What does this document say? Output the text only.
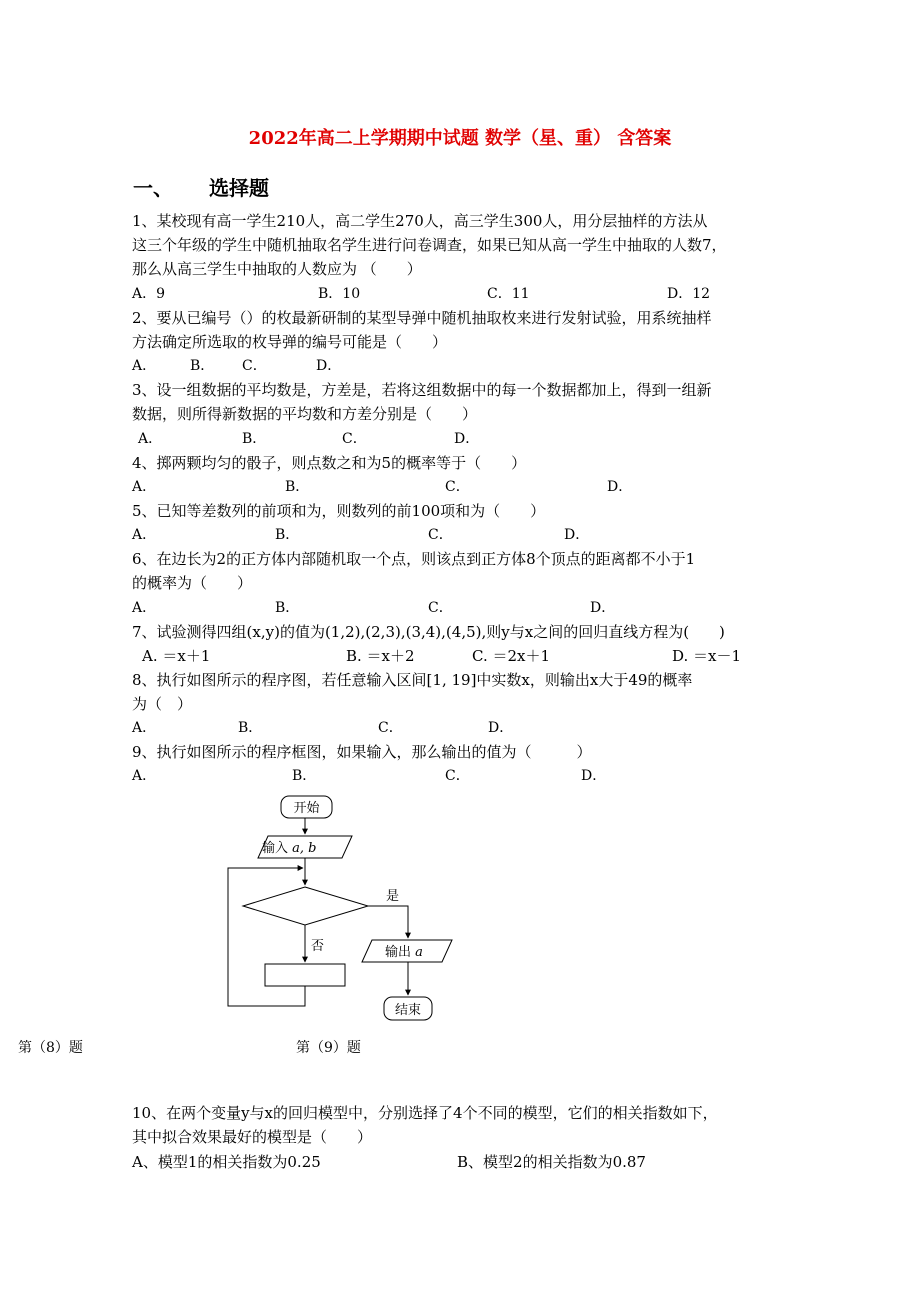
2022年高二上学期期中试题 数学（星、重） 含答案
一、 选择题
1、某校现有高一学生210人，高二学生270人，高三学生300人，用分层抽样的方法从
这三个年级的学生中随机抽取名学生进行问卷调查，如果已知从高一学生中抽取的人数7，
那么从高三学生中抽取的人数应为 （　　）
A．9	B．10	C．11	D．12
2、要从已编号（）的枚最新研制的某型导弹中随机抽取枚来进行发射试验，用系统抽样
方法确定所选取的枚导弹的编号可能是（　　）
A． B． C．	D．
3、设一组数据的平均数是，方差是，若将这组数据中的每一个数据都加上，得到一组新
数据，则所得新数据的平均数和方差分别是（　　）
A．	B．	C．	D．
4、掷两颗均匀的骰子，则点数之和为5的概率等于（　　）
A．	B．	C．	D．
5、已知等差数列的前项和为，则数列的前100项和为（　　）
A．	B．	C．	D．
6、在边长为2的正方体内部随机取一个点，则该点到正方体8个顶点的距离都不小于1
的概率为（　　）
A．	B．	C．	D．
7、试验测得四组(x,y)的值为(1,2),(2,3),(3,4),(4,5),则y与x之间的回归直线方程为(　　)
A. ＝x＋1	B. ＝x＋2	C. ＝2x＋1	D. ＝x－1
8、执行如图所示的程序图，若任意输入区间[1, 19]中实数x，则输出x大于49的概率
为（　）
A．	B．	C．	D．
9、执行如图所示的程序框图，如果输入，那么输出的值为（　　　）
A．	B．	C．	D．
开始
输入 a, b
是
输出 a
结束
否
第（8）题	第（9）题
10、在两个变量y与x的回归模型中，分别选择了4个不同的模型，它们的相关指数如下，
其中拟合效果最好的模型是（　　）
A、模型1的相关指数为0.25	B、模型2的相关指数为0.87
